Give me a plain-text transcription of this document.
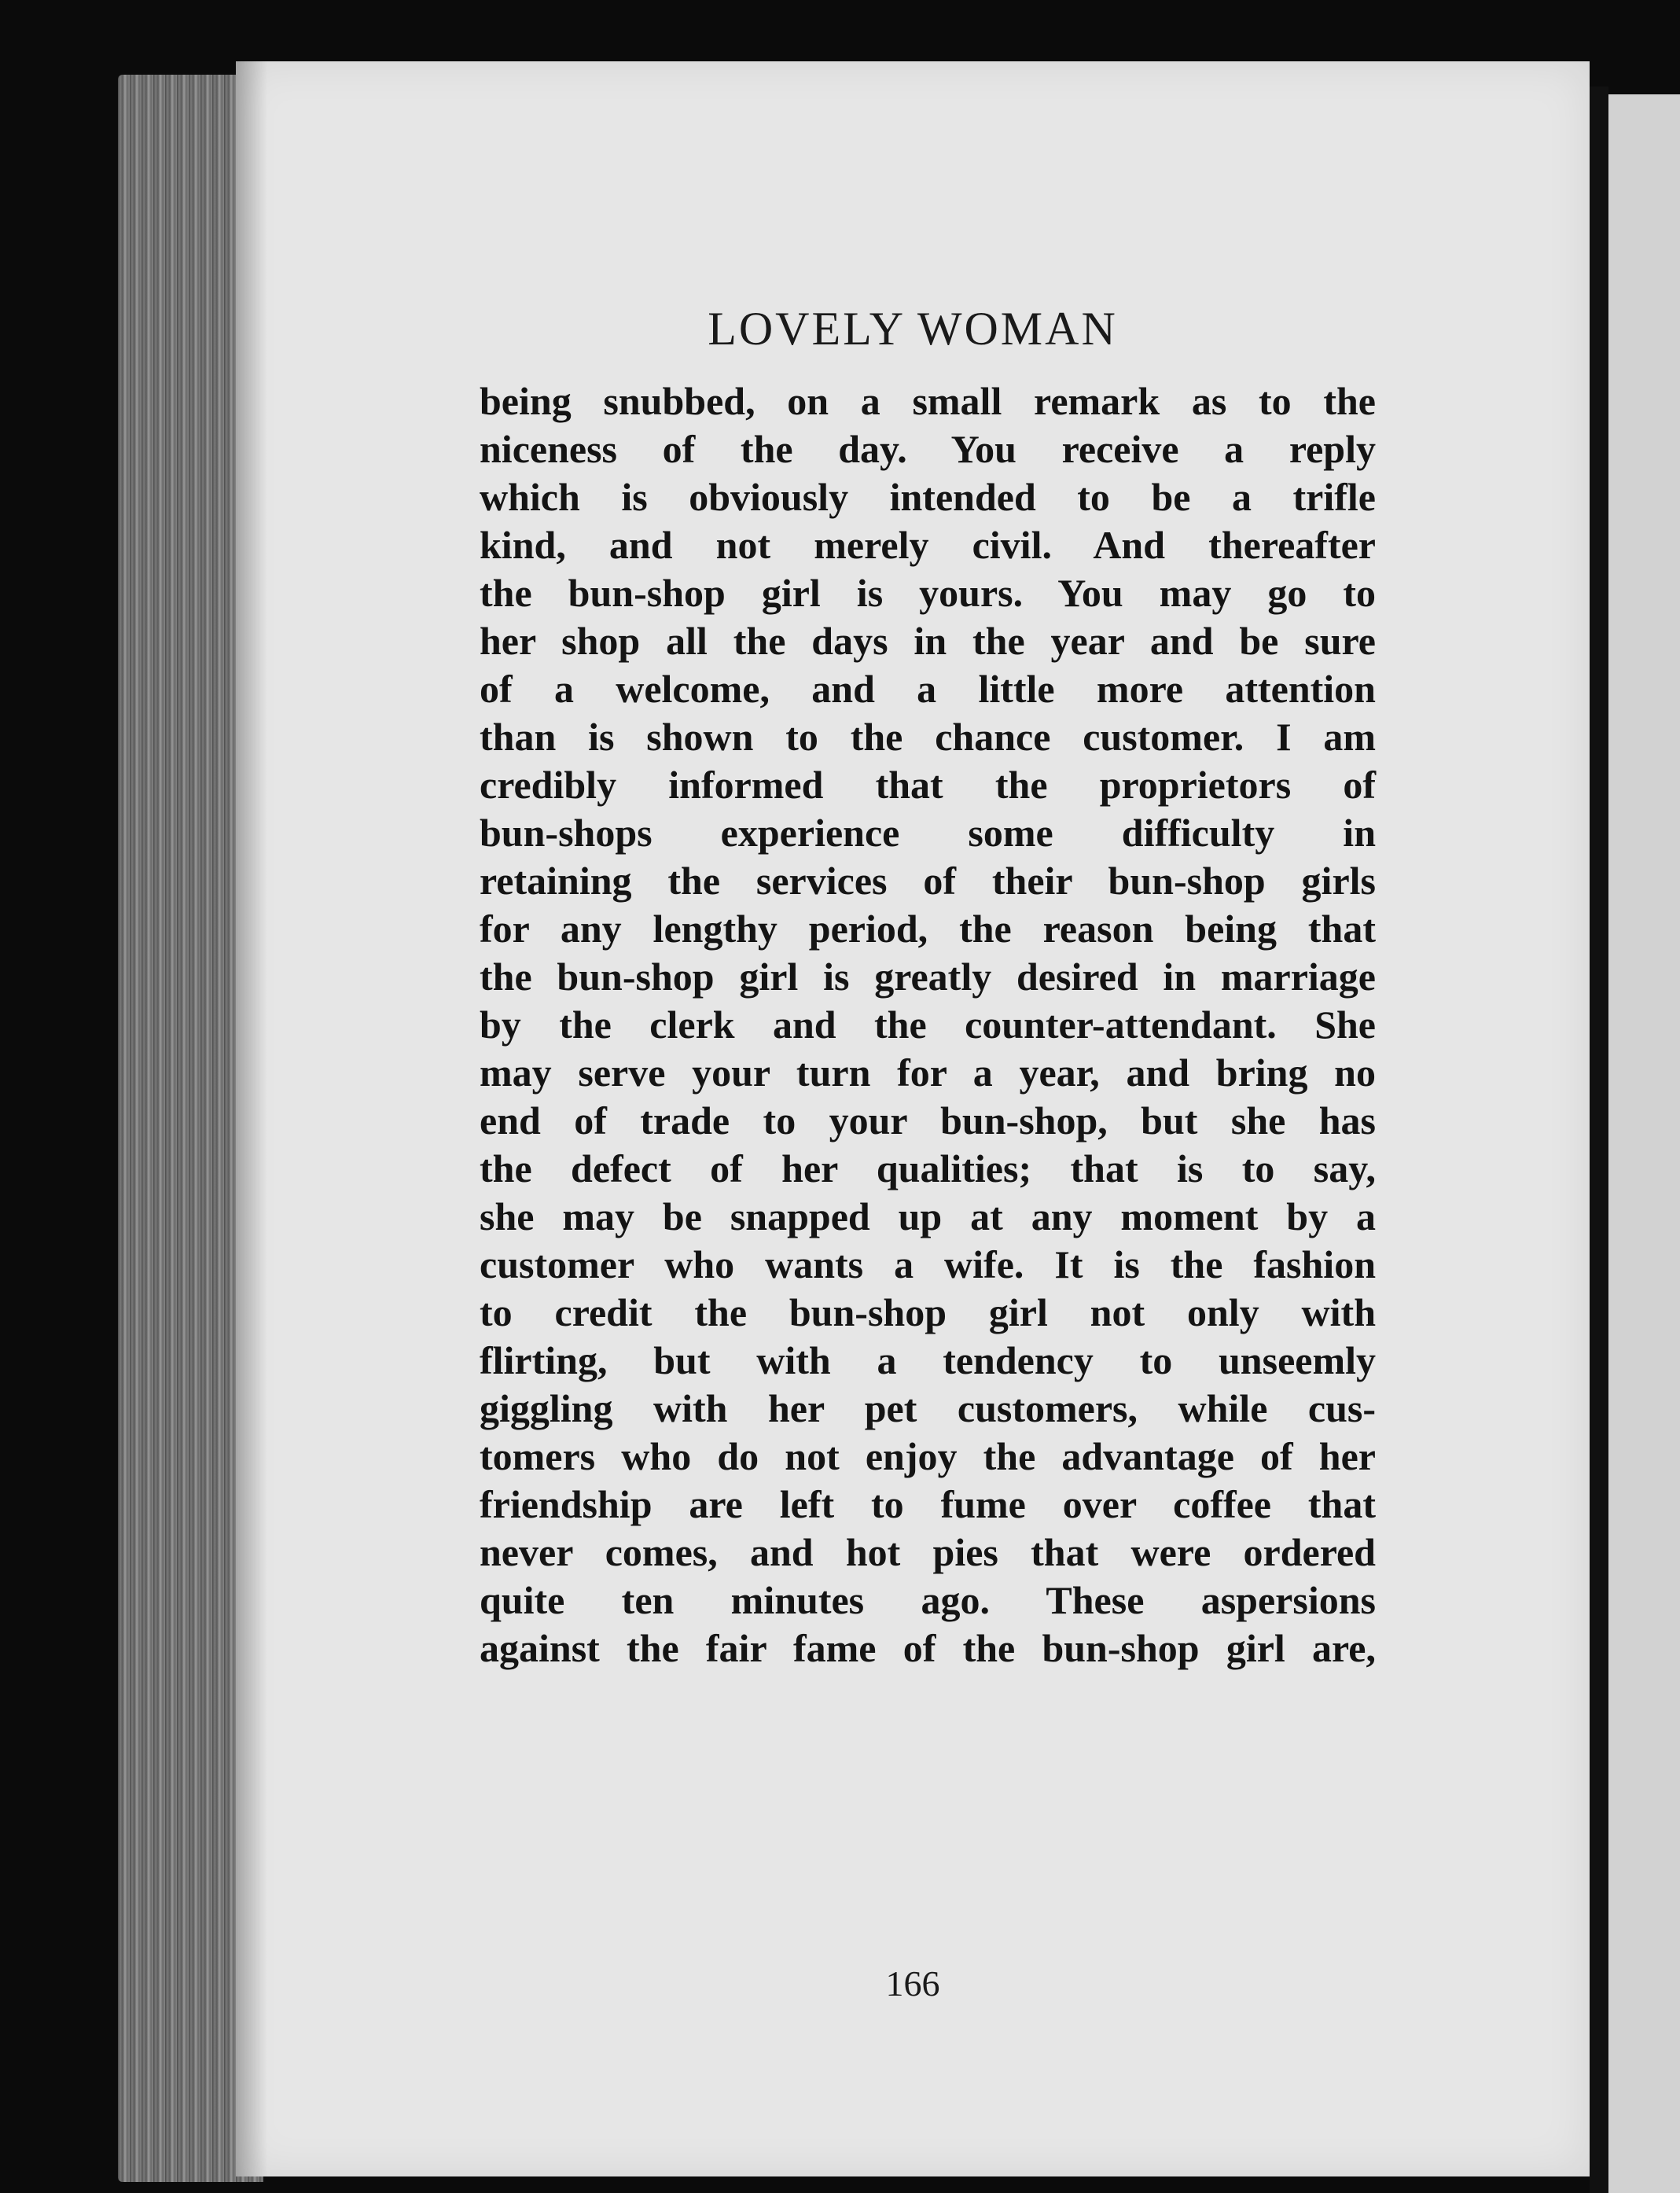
LOVELY WOMAN
being snubbed, on a small remark as to the
niceness of the day. You receive a reply
which is obviously intended to be a trifle
kind, and not merely civil. And thereafter
the bun-shop girl is yours. You may go to
her shop all the days in the year and be sure
of a welcome, and a little more attention
than is shown to the chance customer. I am
credibly informed that the proprietors of
bun-shops experience some difficulty in
retaining the services of their bun-shop girls
for any lengthy period, the reason being that
the bun-shop girl is greatly desired in marriage
by the clerk and the counter-attendant. She
may serve your turn for a year, and bring no
end of trade to your bun-shop, but she has
the defect of her qualities; that is to say,
she may be snapped up at any moment by a
customer who wants a wife. It is the fashion
to credit the bun-shop girl not only with
flirting, but with a tendency to unseemly
giggling with her pet customers, while cus-
tomers who do not enjoy the advantage of her
friendship are left to fume over coffee that
never comes, and hot pies that were ordered
quite ten minutes ago. These aspersions
against the fair fame of the bun-shop girl are,
166
